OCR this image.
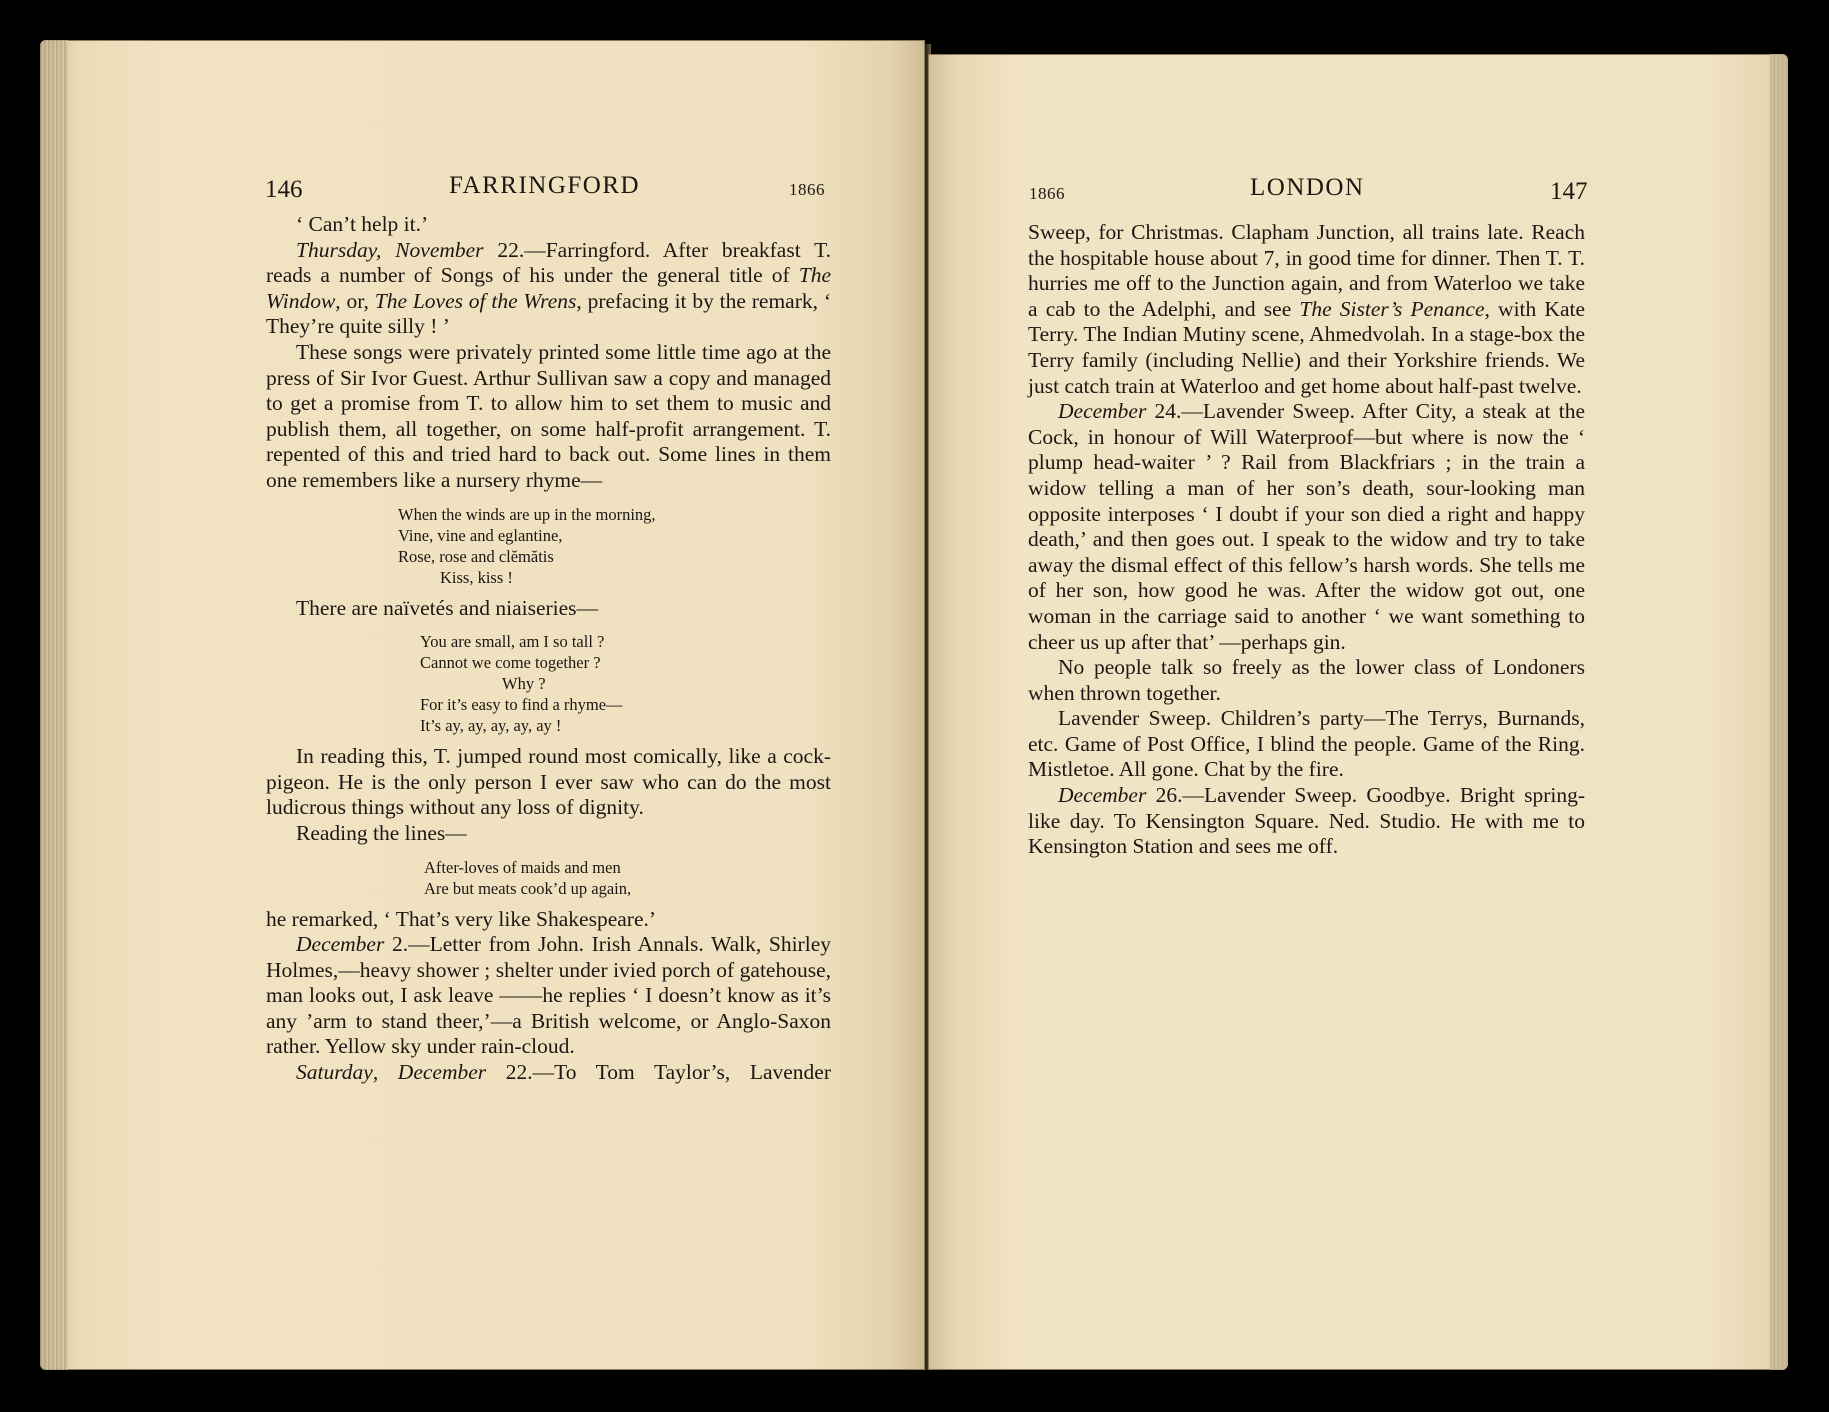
146	FARRINGFORD	1866

‘ Can’t help it.’

Thursday, November 22.—Farringford. After breakfast T. reads a number of Songs of his under the general title of The Window, or, The Loves of the Wrens, prefacing it by the remark, ‘ They’re quite silly ! ’

These songs were privately printed some little time ago at the press of Sir Ivor Guest. Arthur Sullivan saw a copy and managed to get a promise from T. to allow him to set them to music and publish them, all together, on some half-profit arrangement. T. repented of this and tried hard to back out. Some lines in them one remembers like a nursery rhyme—

When the winds are up in the morning,
Vine, vine and eglantine,
Rose, rose and clĕmătis
Kiss, kiss !

There are naïvetés and niaiseries—

You are small, am I so tall ?
Cannot we come together ?
Why ?
For it’s easy to find a rhyme—
It’s ay, ay, ay, ay, ay !

In reading this, T. jumped round most comically, like a cock-pigeon. He is the only person I ever saw who can do the most ludicrous things without any loss of dignity.

Reading the lines—

After-loves of maids and men
Are but meats cook’d up again,

he remarked, ‘ That’s very like Shakespeare.’

December 2.—Letter from John. Irish Annals. Walk, Shirley Holmes,—heavy shower ; shelter under ivied porch of gatehouse, man looks out, I ask leave ——he replies ‘ I doesn’t know as it’s any ’arm to stand theer,’—a British welcome, or Anglo-Saxon rather. Yellow sky under rain-cloud.

Saturday, December 22.—To Tom Taylor’s, Lavender

1866	LONDON	147

Sweep, for Christmas. Clapham Junction, all trains late. Reach the hospitable house about 7, in good time for dinner. Then T. T. hurries me off to the Junction again, and from Waterloo we take a cab to the Adelphi, and see The Sister’s Penance, with Kate Terry. The Indian Mutiny scene, Ahmedvolah. In a stage-box the Terry family (including Nellie) and their Yorkshire friends. We just catch train at Waterloo and get home about half-past twelve.

December 24.—Lavender Sweep. After City, a steak at the Cock, in honour of Will Waterproof—but where is now the ‘ plump head-waiter ’ ? Rail from Blackfriars ; in the train a widow telling a man of her son’s death, sour-looking man opposite interposes ‘ I doubt if your son died a right and happy death,’ and then goes out. I speak to the widow and try to take away the dismal effect of this fellow’s harsh words. She tells me of her son, how good he was. After the widow got out, one woman in the carriage said to another ‘ we want something to cheer us up after that’ —perhaps gin.

No people talk so freely as the lower class of Londoners when thrown together.

Lavender Sweep. Children’s party—The Terrys, Burnands, etc. Game of Post Office, I blind the people. Game of the Ring. Mistletoe. All gone. Chat by the fire.

December 26.—Lavender Sweep. Goodbye. Bright spring-like day. To Kensington Square. Ned. Studio. He with me to Kensington Station and sees me off.
